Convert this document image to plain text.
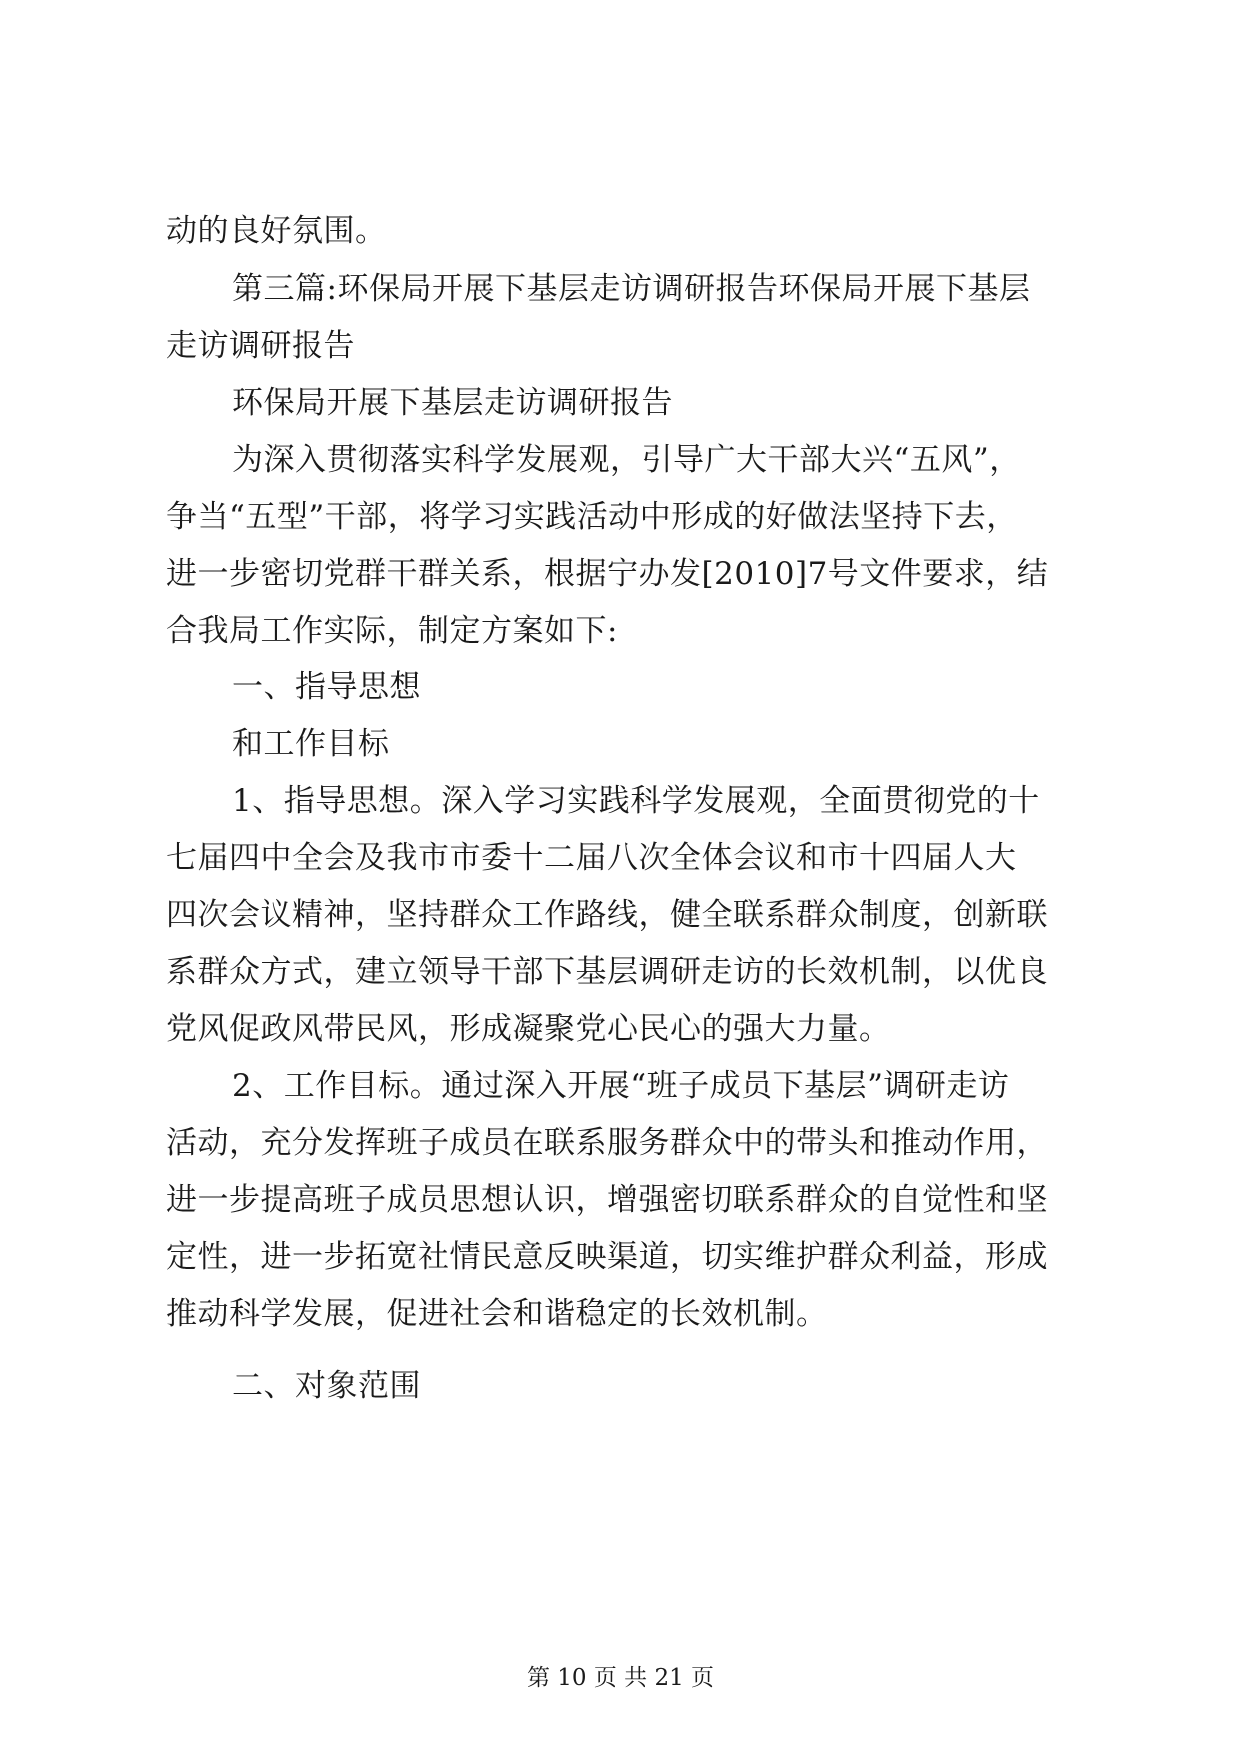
动的良好氛围。
第三篇:环保局开展下基层走访调研报告环保局开展下基层
走访调研报告
环保局开展下基层走访调研报告
为深入贯彻落实科学发展观，引导广大干部大兴“五风”，
争当“五型”干部，将学习实践活动中形成的好做法坚持下去，
进一步密切党群干群关系，根据宁办发[2010]7号文件要求，结
合我局工作实际，制定方案如下:
一、指导思想
和工作目标
1、指导思想。深入学习实践科学发展观，全面贯彻党的十
七届四中全会及我市市委十二届八次全体会议和市十四届人大
四次会议精神，坚持群众工作路线，健全联系群众制度，创新联
系群众方式，建立领导干部下基层调研走访的长效机制，以优良
党风促政风带民风，形成凝聚党心民心的强大力量。
2、工作目标。通过深入开展“班子成员下基层”调研走访
活动，充分发挥班子成员在联系服务群众中的带头和推动作用，
进一步提高班子成员思想认识，增强密切联系群众的自觉性和坚
定性，进一步拓宽社情民意反映渠道，切实维护群众利益，形成
推动科学发展，促进社会和谐稳定的长效机制。
二、对象范围
第 10 页 共 21 页
